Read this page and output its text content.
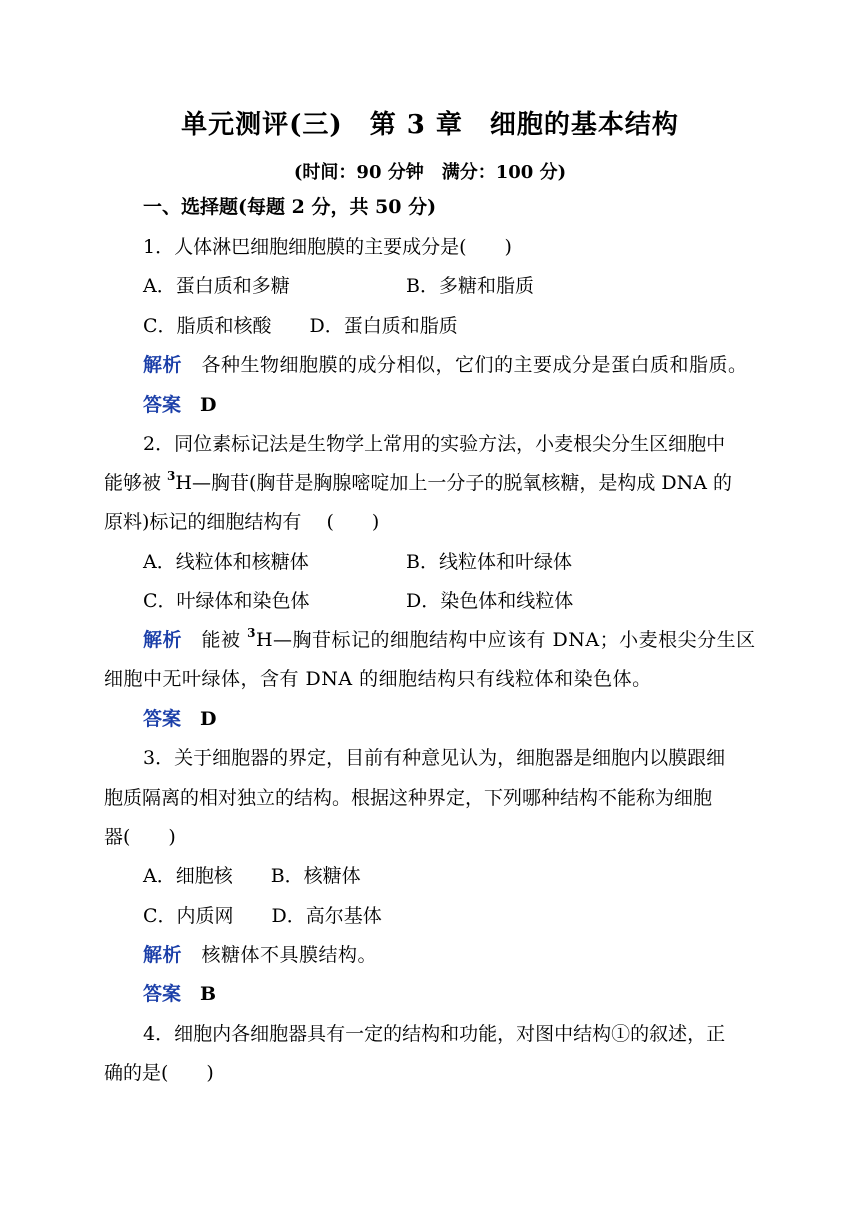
单元测评(三)　第 3 章　细胞的基本结构
(时间：90 分钟　满分：100 分)
一、选择题(每题 2 分，共 50 分)
1．人体淋巴细胞细胞膜的主要成分是(　　)
A．蛋白质和多糖	B．多糖和脂质
C．脂质和核酸　　D．蛋白质和脂质
解析　 各种生物细胞膜的成分相似，它们的主要成分是蛋白质和脂质。
答案　 D
2．同位素标记法是生物学上常用的实验方法，小麦根尖分生区细胞中
能够被 $^3$H—胸苷(胸苷是胸腺嘧啶加上一分子的脱氧核糖，是构成 DNA 的
原料)标记的细胞结构有　 (　　)
A．线粒体和核糖体	B．线粒体和叶绿体
C．叶绿体和染色体	D．染色体和线粒体
解析　 能被 $^3$H—胸苷标记的细胞结构中应该有 DNA；小麦根尖分生区
细胞中无叶绿体，含有 DNA 的细胞结构只有线粒体和染色体。
答案　 D
3．关于细胞器的界定，目前有种意见认为，细胞器是细胞内以膜跟细
胞质隔离的相对独立的结构。根据这种界定，下列哪种结构不能称为细胞
器(　　)
A．细胞核　　B．核糖体
C．内质网　　D．高尔基体
解析　 核糖体不具膜结构。
答案　 B
4．细胞内各细胞器具有一定的结构和功能，对图中结构①的叙述，正
确的是(　　)
